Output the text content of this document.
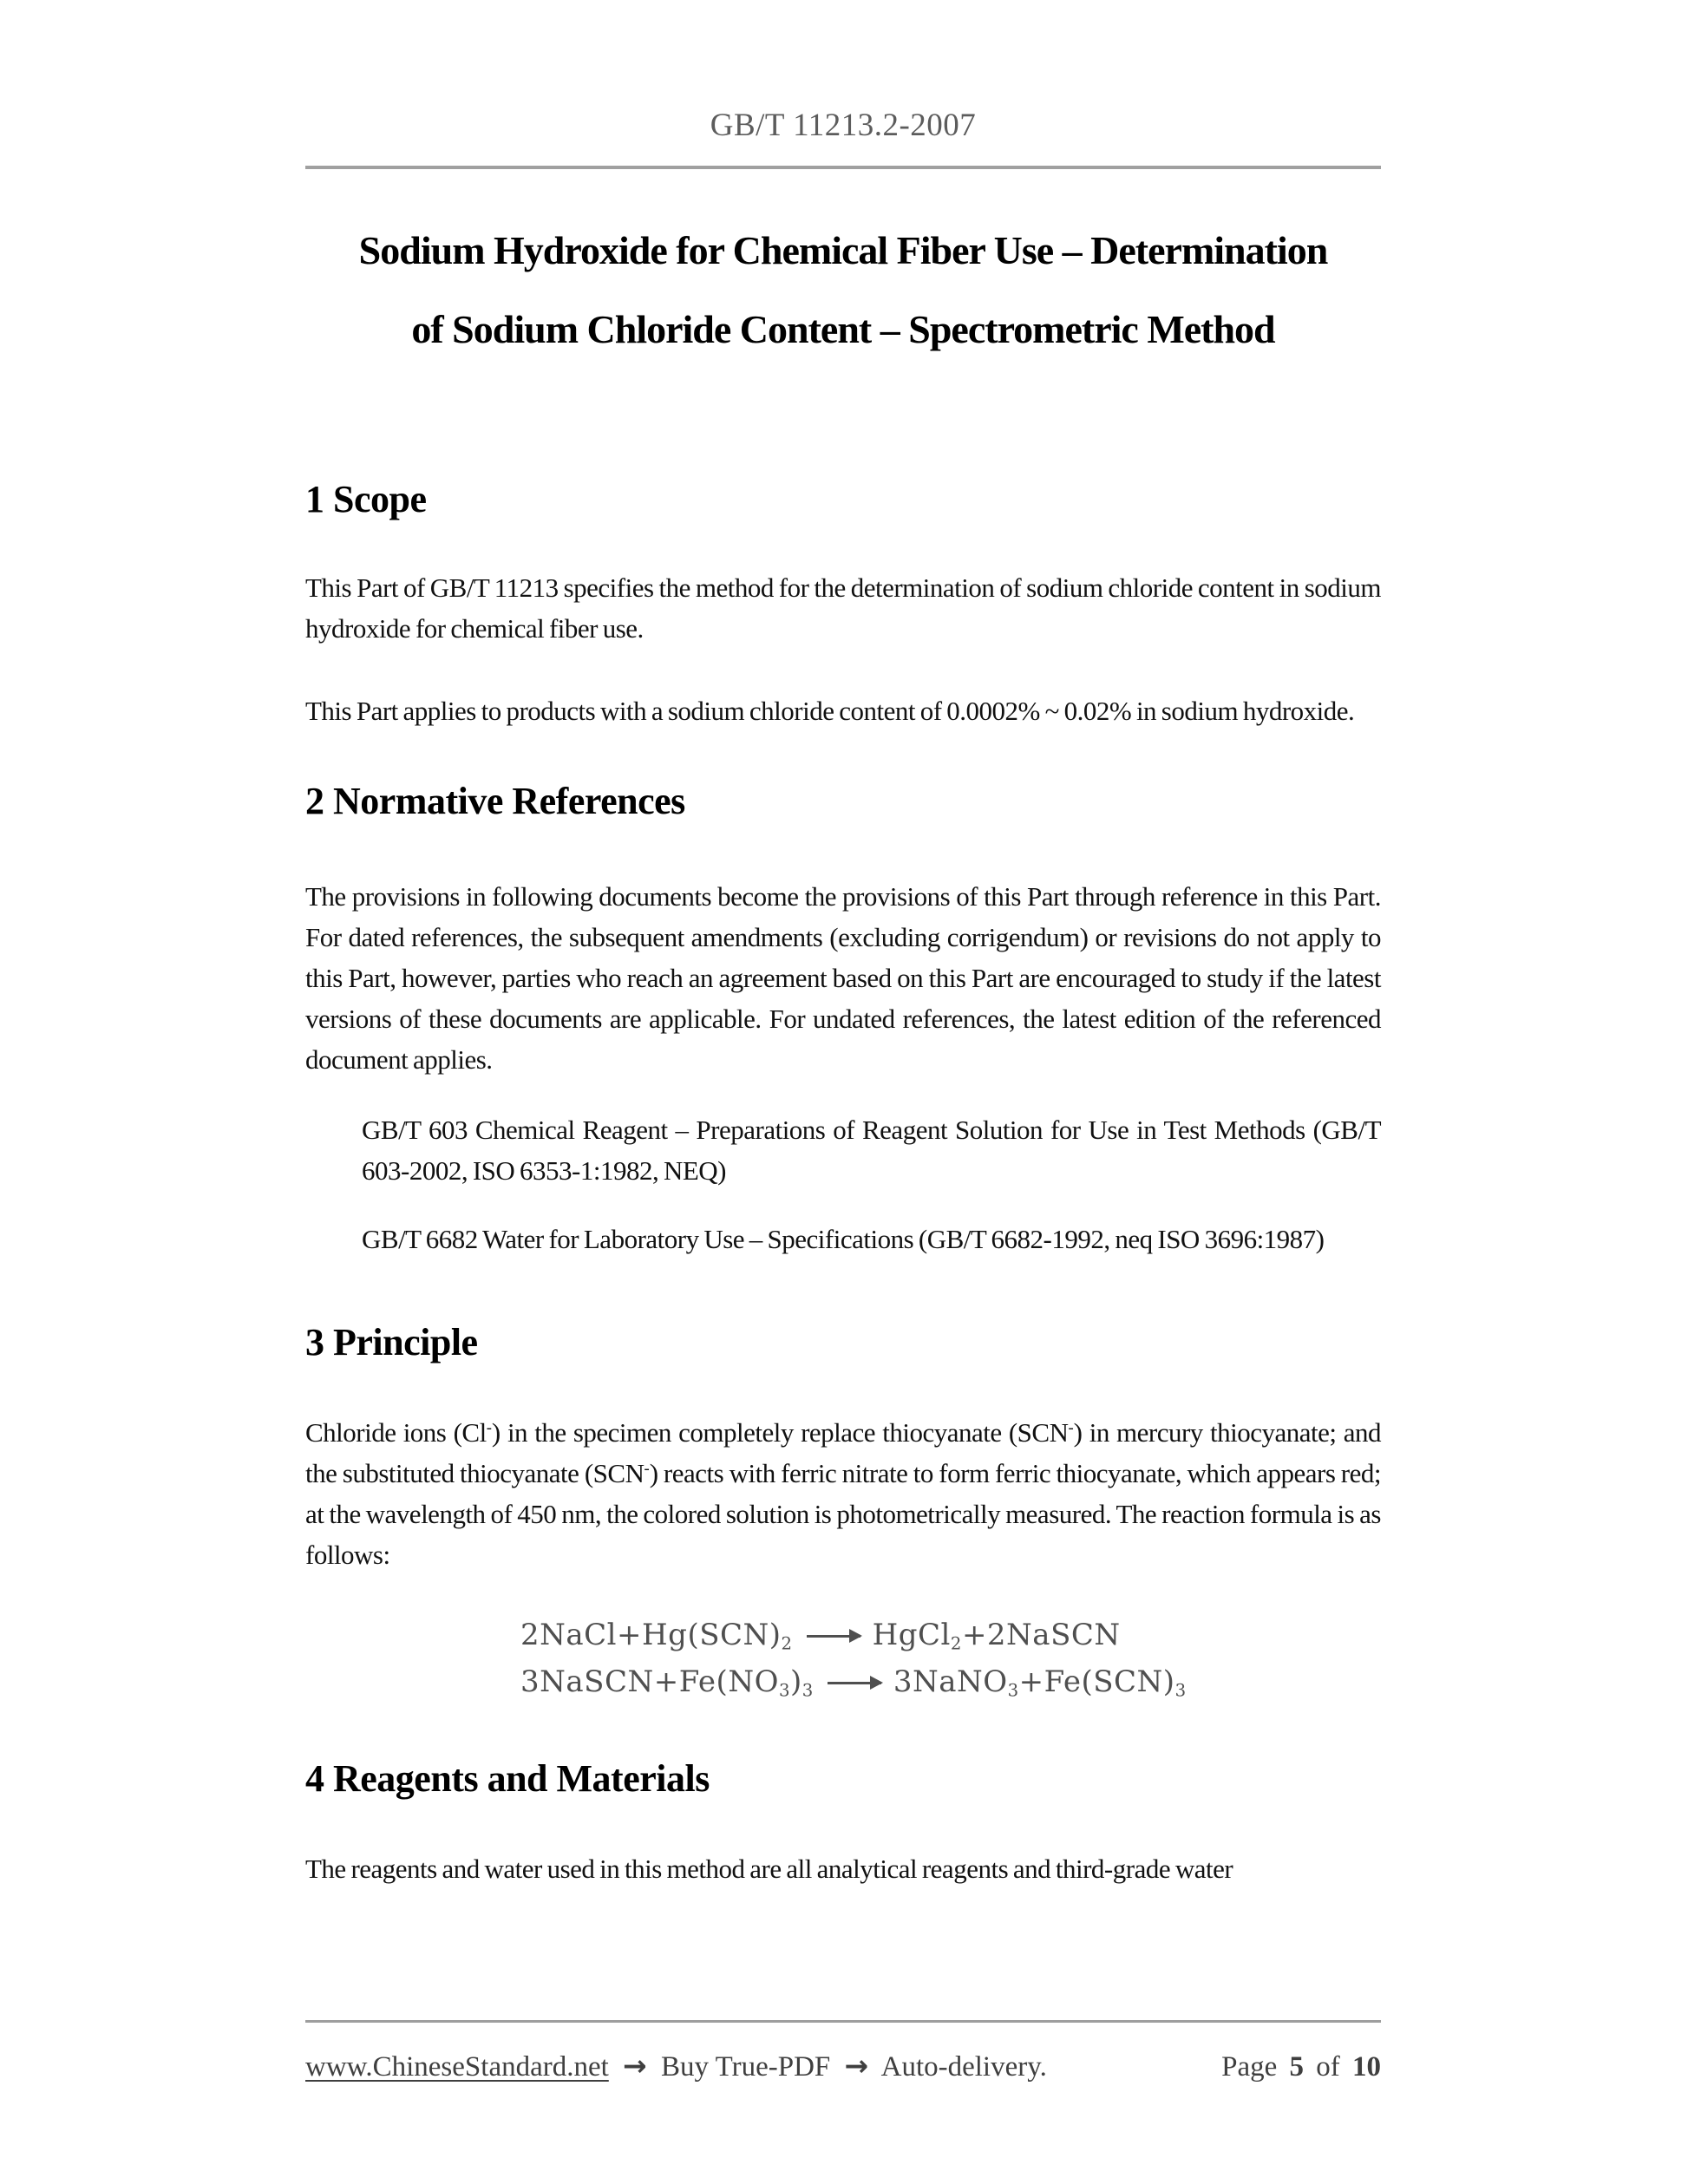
GB/T 11213.2-2007
Sodium Hydroxide for Chemical Fiber Use – Determination
of Sodium Chloride Content – Spectrometric Method
1 Scope
This Part of GB/T 11213 specifies the method for the determination of sodium chloride content in sodium hydroxide for chemical fiber use.
This Part applies to products with a sodium chloride content of 0.0002% ~ 0.02% in sodium hydroxide.
2 Normative References
The provisions in following documents become the provisions of this Part through reference in this Part. For dated references, the subsequent amendments (excluding corrigendum) or revisions do not apply to this Part, however, parties who reach an agreement based on this Part are encouraged to study if the latest versions of these documents are applicable. For undated references, the latest edition of the referenced document applies.
GB/T 603 Chemical Reagent – Preparations of Reagent Solution for Use in Test Methods (GB/T 603-2002, ISO 6353-1:1982, NEQ)
GB/T 6682 Water for Laboratory Use – Specifications (GB/T 6682-1992, neq ISO 3696:1987)
3 Principle
Chloride ions (Cl-) in the specimen completely replace thiocyanate (SCN-) in mercury thiocyanate; and the substituted thiocyanate (SCN-) reacts with ferric nitrate to form ferric thiocyanate, which appears red; at the wavelength of 450 nm, the colored solution is photometrically measured. The reaction formula is as follows:
$2NaCl+Hg(SCN)_2$	HgCl$_2$+2NaSCN
$3NaSCN+Fe(NO_3)_3$	$3NaNO_3+Fe(SCN)_3$
4 Reagents and Materials
The reagents and water used in this method are all analytical reagents and third-grade water
www.ChineseStandard.net → Buy True-PDF → Auto-delivery.	Page 5 of 10
